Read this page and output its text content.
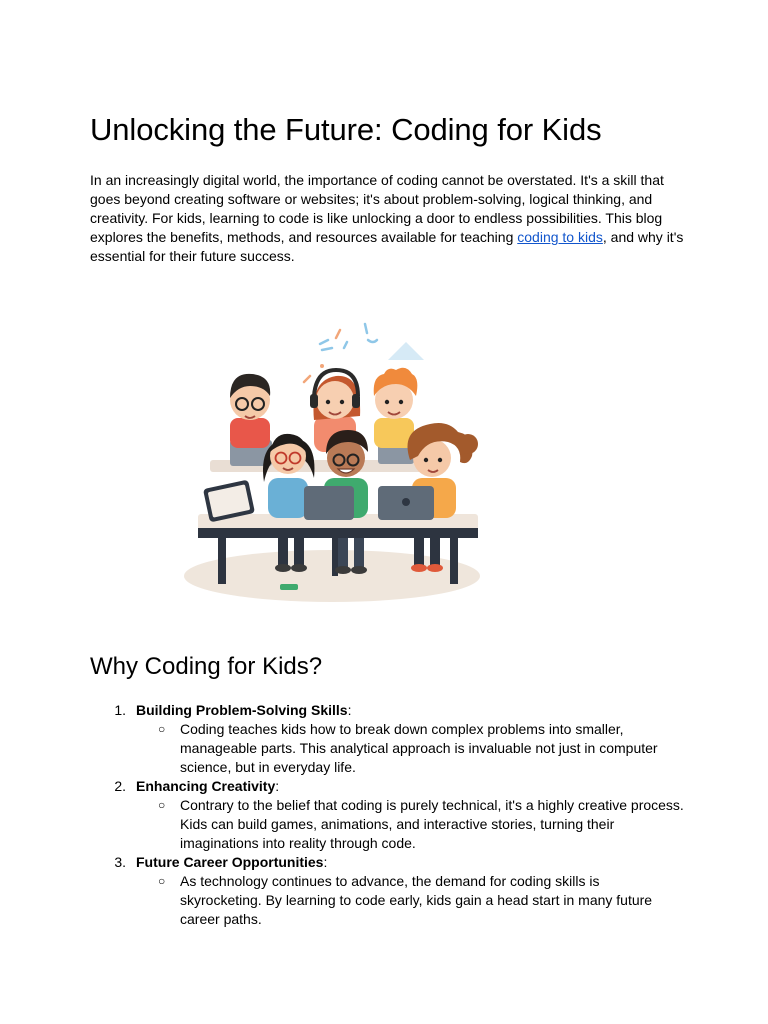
Unlocking the Future: Coding for Kids
In an increasingly digital world, the importance of coding cannot be overstated. It's a skill that
goes beyond creating software or websites; it's about problem-solving, logical thinking, and
creativity. For kids, learning to code is like unlocking a door to endless possibilities. This blog
explores the benefits, methods, and resources available for teaching coding to kids, and why it's
essential for their future success.
Why Coding for Kids?
1. Building Problem-Solving Skills:
○ Coding teaches kids how to break down complex problems into smaller,
manageable parts. This analytical approach is invaluable not just in computer
science, but in everyday life.
2. Enhancing Creativity:
○ Contrary to the belief that coding is purely technical, it's a highly creative process.
Kids can build games, animations, and interactive stories, turning their
imaginations into reality through code.
3. Future Career Opportunities:
○ As technology continues to advance, the demand for coding skills is
skyrocketing. By learning to code early, kids gain a head start in many future
career paths.
